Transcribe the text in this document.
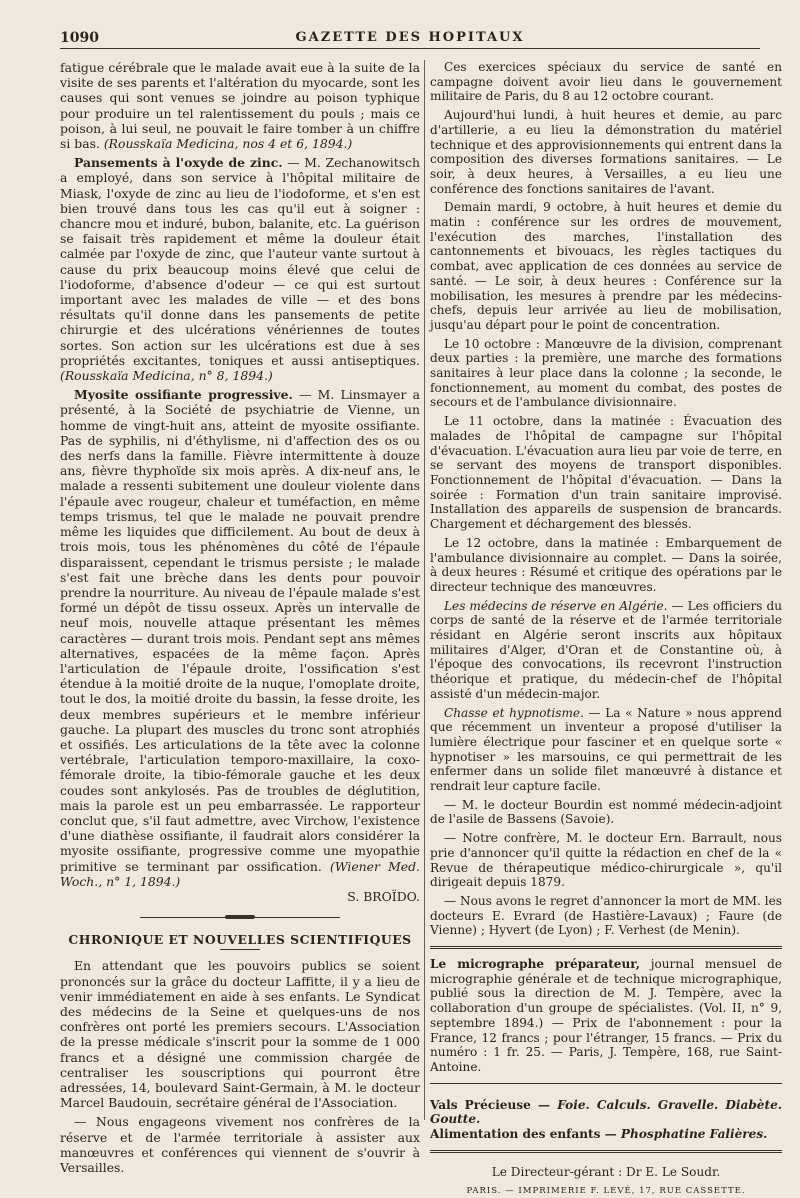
1090	GAZETTE DES HOPITAUX

fatigue cérébrale que le malade avait eue à la suite de la visite de ses parents et l'altération du myocarde, sont les causes qui sont venues se joindre au poison typhique pour produire un tel ralentissement du pouls ; mais ce poison, à lui seul, ne pouvait le faire tomber à un chiffre si bas. (Rousskaïa Medicina, nos 4 et 6, 1894.)

Pansements à l'oxyde de zinc. — M. Zechanowitsch a employé, dans son service à l'hôpital militaire de Miask, l'oxyde de zinc au lieu de l'iodoforme, et s'en est bien trouvé dans tous les cas qu'il eut à soigner : chancre mou et induré, bubon, balanite, etc. La guérison se faisait très rapidement et même la douleur était calmée par l'oxyde de zinc, que l'auteur vante surtout à cause du prix beaucoup moins élevé que celui de l'iodoforme, d'absence d'odeur — ce qui est surtout important avec les malades de ville — et des bons résultats qu'il donne dans les pansements de petite chirurgie et des ulcérations vénériennes de toutes sortes. Son action sur les ulcérations est due à ses propriétés excitantes, toniques et aussi antiseptiques. (Rousskaïa Medicina, n° 8, 1894.)

Myosite ossifiante progressive. — M. Linsmayer a présenté, à la Société de psychiatrie de Vienne, un homme de vingt-huit ans, atteint de myosite ossifiante. Pas de syphilis, ni d'éthylisme, ni d'affection des os ou des nerfs dans la famille. Fièvre intermittente à douze ans, fièvre thyphoïde six mois après. A dix-neuf ans, le malade a ressenti subitement une douleur violente dans l'épaule avec rougeur, chaleur et tuméfaction, en même temps trismus, tel que le malade ne pouvait prendre même les liquides que difficilement. Au bout de deux à trois mois, tous les phénomènes du côté de l'épaule disparaissent, cependant le trismus persiste ; le malade s'est fait une brèche dans les dents pour pouvoir prendre la nourriture. Au niveau de l'épaule malade s'est formé un dépôt de tissu osseux. Après un intervalle de neuf mois, nouvelle attaque présentant les mêmes caractères — durant trois mois. Pendant sept ans mêmes alternatives, espacées de la même façon. Après l'articulation de l'épaule droite, l'ossification s'est étendue à la moitié droite de la nuque, l'omoplate droite, tout le dos, la moitié droite du bassin, la fesse droite, les deux membres supérieurs et le membre inférieur gauche. La plupart des muscles du tronc sont atrophiés et ossifiés. Les articulations de la tête avec la colonne vertébrale, l'articulation temporo-maxillaire, la coxo-fémorale droite, la tibio-fémorale gauche et les deux coudes sont ankylosés. Pas de troubles de déglutition, mais la parole est un peu embarrassée. Le rapporteur conclut que, s'il faut admettre, avec Virchow, l'existence d'une diathèse ossifiante, il faudrait alors considérer la myosite ossifiante, progressive comme une myopathie primitive se terminant par ossification. (Wiener Med. Woch., n° 1, 1894.)

S. BROÏDO.

CHRONIQUE ET NOUVELLES SCIENTIFIQUES

En attendant que les pouvoirs publics se soient prononcés sur la grâce du docteur Laffitte, il y a lieu de venir immédiatement en aide à ses enfants. Le Syndicat des médecins de la Seine et quelques-uns de nos confrères ont porté les premiers secours. L'Association de la presse médicale s'inscrit pour la somme de 1 000 francs et a désigné une commission chargée de centraliser les souscriptions qui pourront être adressées, 14, boulevard Saint-Germain, à M. le docteur Marcel Baudouin, secrétaire général de l'Association.

— Nous engageons vivement nos confrères de la réserve et de l'armée territoriale à assister aux manœuvres et conférences qui viennent de s'ouvrir à Versailles.

Ces exercices spéciaux du service de santé en campagne doivent avoir lieu dans le gouvernement militaire de Paris, du 8 au 12 octobre courant.

Aujourd'hui lundi, à huit heures et demie, au parc d'artillerie, a eu lieu la démonstration du matériel technique et des approvisionnements qui entrent dans la composition des diverses formations sanitaires. — Le soir, à deux heures, à Versailles, a eu lieu une conférence des fonctions sanitaires de l'avant.

Demain mardi, 9 octobre, à huit heures et demie du matin : conférence sur les ordres de mouvement, l'exécution des marches, l'installation des cantonnements et bivouacs, les règles tactiques du combat, avec application de ces données au service de santé. — Le soir, à deux heures : Conférence sur la mobilisation, les mesures à prendre par les médecins-chefs, depuis leur arrivée au lieu de mobilisation, jusqu'au départ pour le point de concentration.

Le 10 octobre : Manœuvre de la division, comprenant deux parties : la première, une marche des formations sanitaires à leur place dans la colonne ; la seconde, le fonctionnement, au moment du combat, des postes de secours et de l'ambulance divisionnaire.

Le 11 octobre, dans la matinée : Évacuation des malades de l'hôpital de campagne sur l'hôpital d'évacuation. L'évacuation aura lieu par voie de terre, en se servant des moyens de transport disponibles. Fonctionnement de l'hôpital d'évacuation. — Dans la soirée : Formation d'un train sanitaire improvisé. Installation des appareils de suspension de brancards. Chargement et déchargement des blessés.

Le 12 octobre, dans la matinée : Embarquement de l'ambulance divisionnaire au complet. — Dans la soirée, à deux heures : Résumé et critique des opérations par le directeur technique des manœuvres.

Les médecins de réserve en Algérie. — Les officiers du corps de santé de la réserve et de l'armée territoriale résidant en Algérie seront inscrits aux hôpitaux militaires d'Alger, d'Oran et de Constantine où, à l'époque des convocations, ils recevront l'instruction théorique et pratique, du médecin-chef de l'hôpital assisté d'un médecin-major.

Chasse et hypnotisme. — La « Nature » nous apprend que récemment un inventeur a proposé d'utiliser la lumière électrique pour fasciner et en quelque sorte « hypnotiser » les marsouins, ce qui permettrait de les enfermer dans un solide filet manœuvré à distance et rendrait leur capture facile.

— M. le docteur Bourdin est nommé médecin-adjoint de l'asile de Bassens (Savoie).

— Notre confrère, M. le docteur Ern. Barrault, nous prie d'annoncer qu'il quitte la rédaction en chef de la « Revue de thérapeutique médico-chirurgicale », qu'il dirigeait depuis 1879.

— Nous avons le regret d'annoncer la mort de MM. les docteurs E. Evrard (de Hastière-Lavaux) ; Faure (de Vienne) ; Hyvert (de Lyon) ; F. Verhest (de Menin).

Le micrographe préparateur, journal mensuel de micrographie générale et de technique micrographique, publié sous la direction de M. J. Tempère, avec la collaboration d'un groupe de spécialistes. (Vol. II, n° 9, septembre 1894.) — Prix de l'abonnement : pour la France, 12 francs ; pour l'étranger, 15 francs. — Prix du numéro : 1 fr. 25. — Paris, J. Tempère, 168, rue Saint-Antoine.

Vals Précieuse — Foie. Calculs. Gravelle. Diabète. Goutte.
Alimentation des enfants — Phosphatine Falières.

Le Directeur-gérant : Dr E. Le Soudr.

PARIS. — IMPRIMERIE F. LEVÉ, 17, RUE CASSETTE.
